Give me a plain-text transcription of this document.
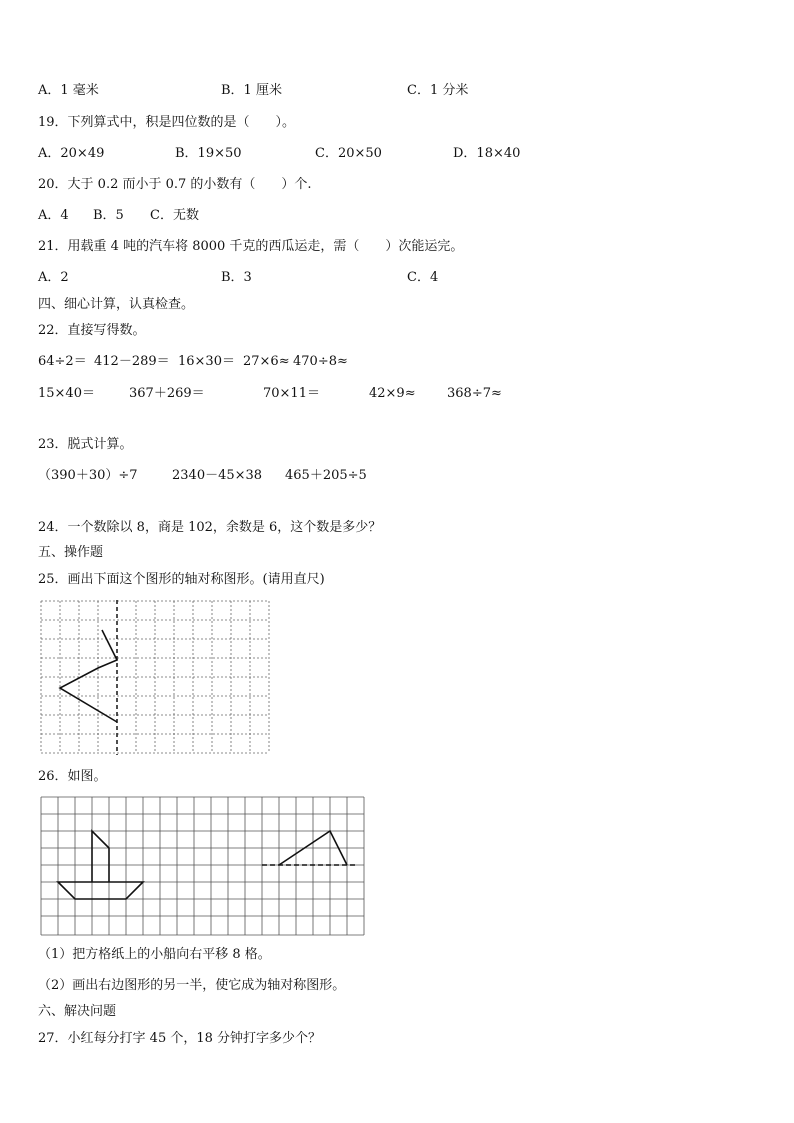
A．1 毫米	B．1 厘米	C．1 分米
19．下列算式中，积是四位数的是（　　）。
A．20×49	B．19×50	C．20×50	D．18×40
20．大于 0.2 而小于 0.7 的小数有（　　）个.
A．4 B．5 C．无数
21．用载重 4 吨的汽车将 8000 千克的西瓜运走，需（　　）次能运完。
A．2	B．3	C．4
四、细心计算，认真检查。
22．直接写得数。
64÷2＝ 412－289＝ 16×30＝ 27×6≈ 470÷8≈
15×40＝	367＋269＝	70×11＝	42×9≈ 368÷7≈
23．脱式计算。
（390＋30）÷7	2340－45×38 465＋205÷5
24．一个数除以 8，商是 102，余数是 6，这个数是多少？
五、操作题
25．画出下面这个图形的轴对称图形。(请用直尺)
26．如图。
（1）把方格纸上的小船向右平移 8 格。
（2）画出右边图形的另一半，使它成为轴对称图形。
六、解决问题
27．小红每分打字 45 个，18 分钟打字多少个？
